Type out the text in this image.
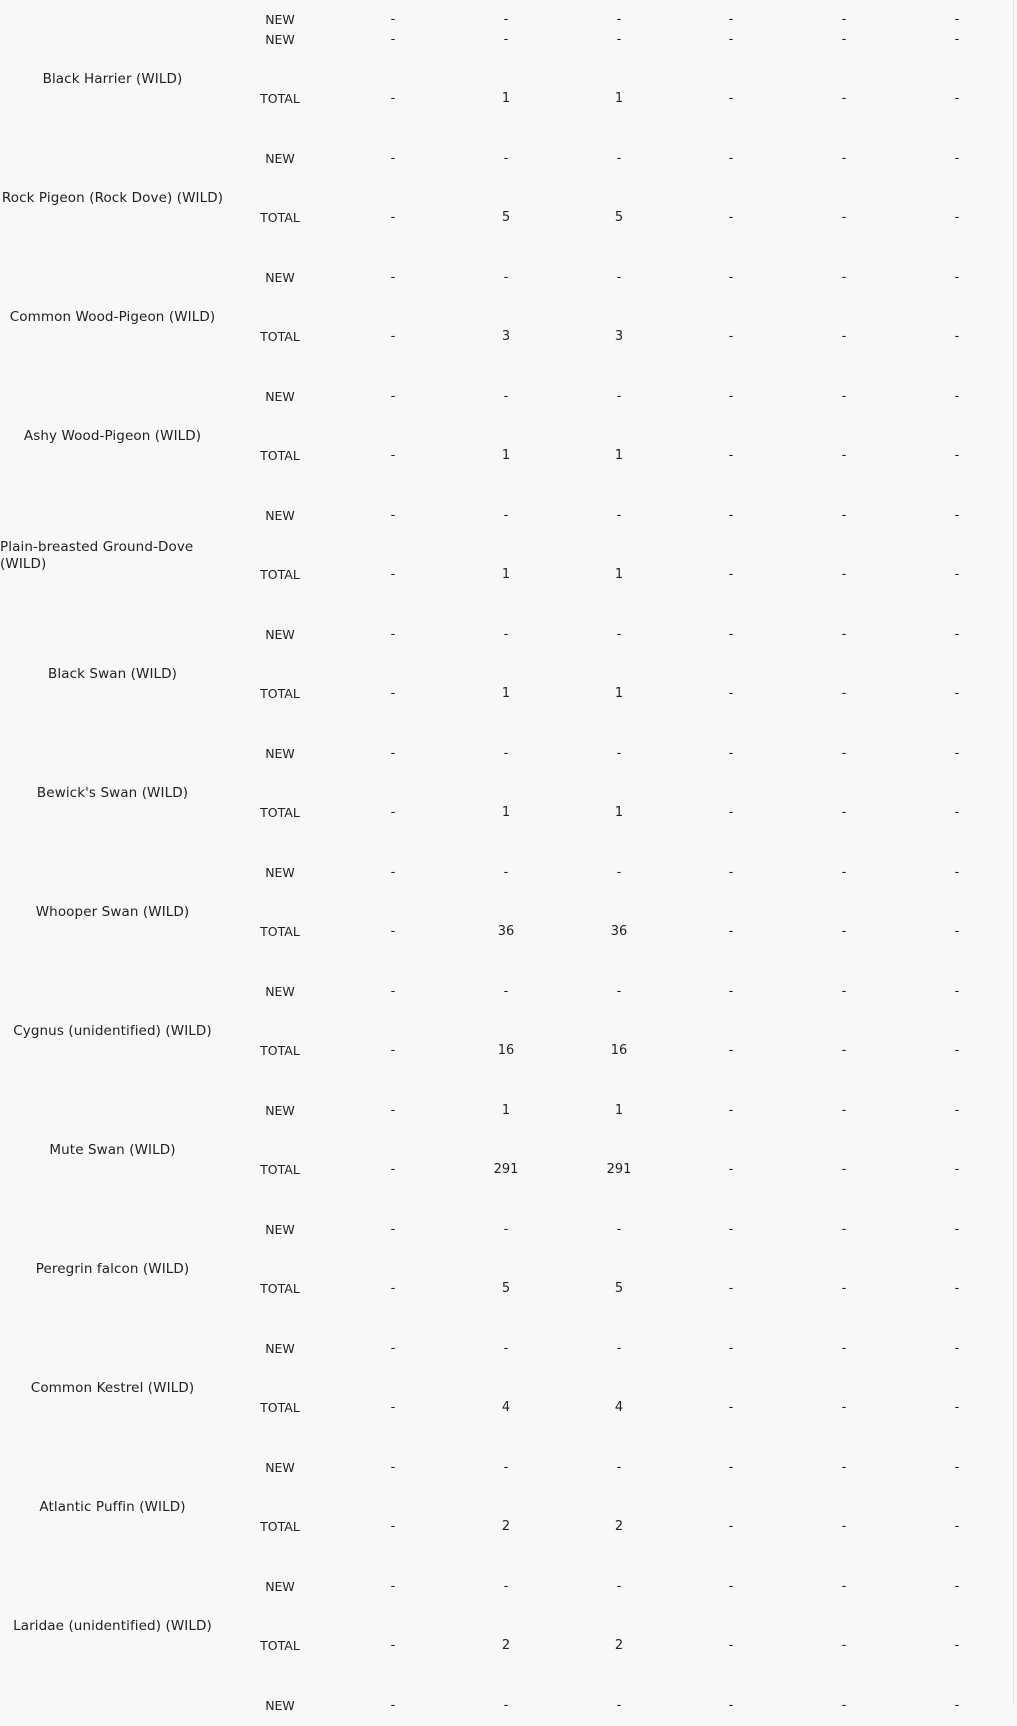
NEW	-	-	-	-	-	-
Black Harrier (WILD)
NEW	-	-	-	-	-	-
TOTAL	-	1	1	-	-	-
Rock Pigeon (Rock Dove) (WILD)
NEW	-	-	-	-	-	-
TOTAL	-	5	5	-	-	-
Common Wood-Pigeon (WILD)
NEW	-	-	-	-	-	-
TOTAL	-	3	3	-	-	-
Ashy Wood-Pigeon (WILD)
NEW	-	-	-	-	-	-
TOTAL	-	1	1	-	-	-
Plain-breasted Ground-Dove (WILD)
NEW	-	-	-	-	-	-
TOTAL	-	1	1	-	-	-
Black Swan (WILD)
NEW	-	-	-	-	-	-
TOTAL	-	1	1	-	-	-
Bewick's Swan (WILD)
NEW	-	-	-	-	-	-
TOTAL	-	1	1	-	-	-
Whooper Swan (WILD)
NEW	-	-	-	-	-	-
TOTAL	-	36	36	-	-	-
Cygnus (unidentified) (WILD)
NEW	-	-	-	-	-	-
TOTAL	-	16	16	-	-	-
Mute Swan (WILD)
NEW	-	1	1	-	-	-
TOTAL	-	291	291	-	-	-
Peregrin falcon (WILD)
NEW	-	-	-	-	-	-
TOTAL	-	5	5	-	-	-
Common Kestrel (WILD)
NEW	-	-	-	-	-	-
TOTAL	-	4	4	-	-	-
Atlantic Puffin (WILD)
NEW	-	-	-	-	-	-
TOTAL	-	2	2	-	-	-
Laridae (unidentified) (WILD)
NEW	-	-	-	-	-	-
TOTAL	-	2	2	-	-	-
NEW	-	-	-	-	-	-
